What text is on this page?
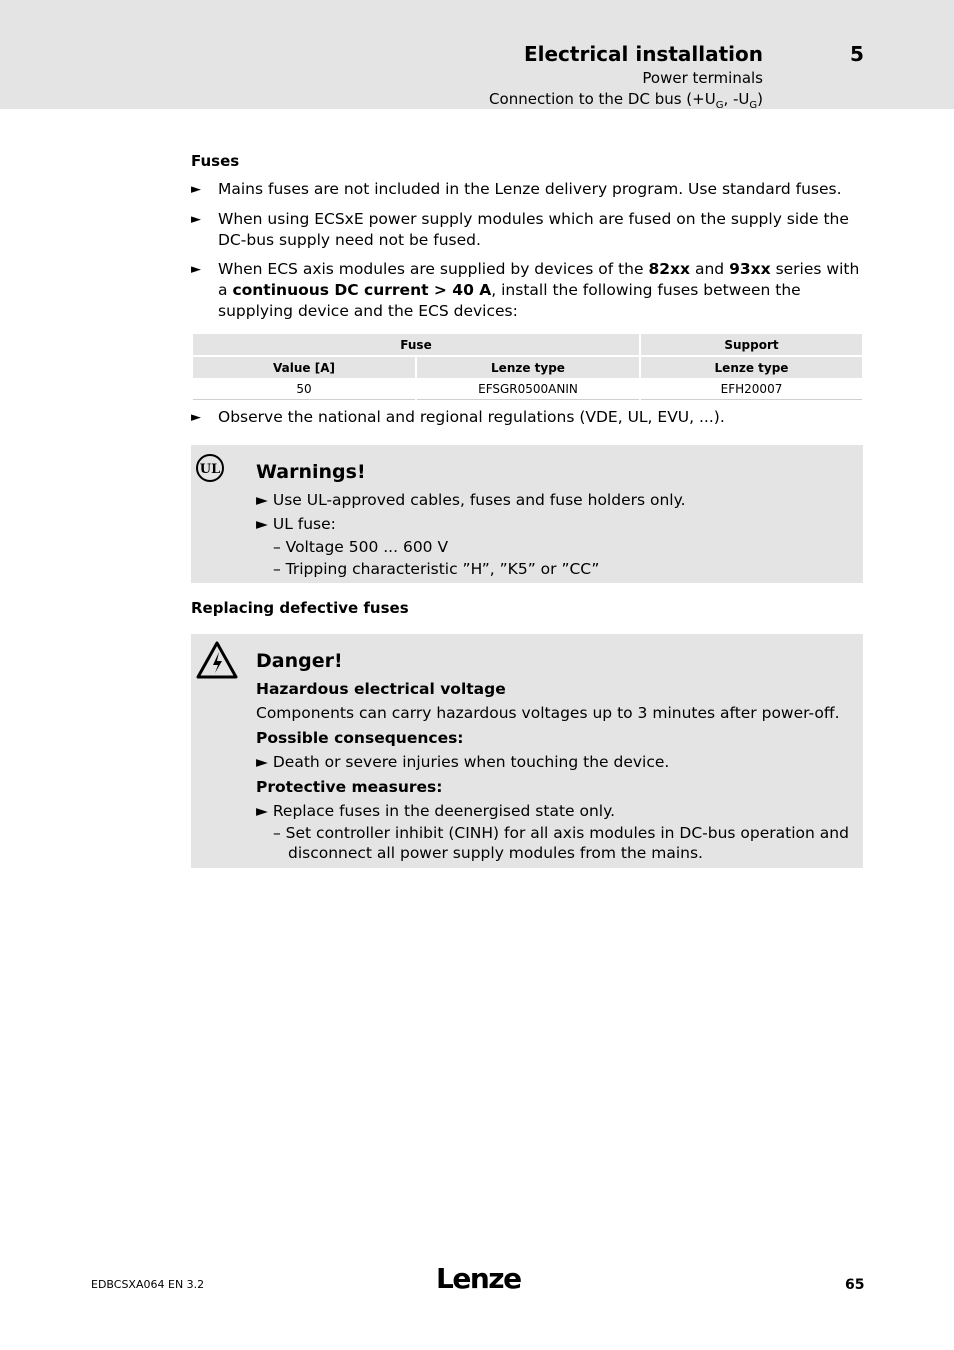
Electrical installation	5
Power terminals
Connection to the DC bus ($+U_G$, $-U_G$)
Fuses
► Mains fuses are not included in the Lenze delivery program. Use standard fuses.
► When using ECSxE power supply modules which are fused on the supply side the DC-bus supply need not be fused.
► When ECS axis modules are supplied by devices of the 82xx and 93xx series with a continuous DC current > 40 A, install the following fuses between the supplying device and the ECS devices:
Fuse		Support
Value [A]	Lenze type	Lenze type
50	EFSGR0500ANIN	EFH20007
► Observe the national and regional regulations (VDE, UL, EVU, ...).
UL Warnings!
► Use UL-approved cables, fuses and fuse holders only.
► UL fuse:
– Voltage 500 ... 600 V
– Tripping characteristic ”H”, ”K5” or ”CC”
Replacing defective fuses
Danger!
Hazardous electrical voltage
Components can carry hazardous voltages up to 3 minutes after power-off.
Possible consequences:
► Death or severe injuries when touching the device.
Protective measures:
► Replace fuses in the deenergised state only.
– Set controller inhibit (CINH) for all axis modules in DC-bus operation and
disconnect all power supply modules from the mains.
EDBCSXA064 EN 3.2	Lenze	65
